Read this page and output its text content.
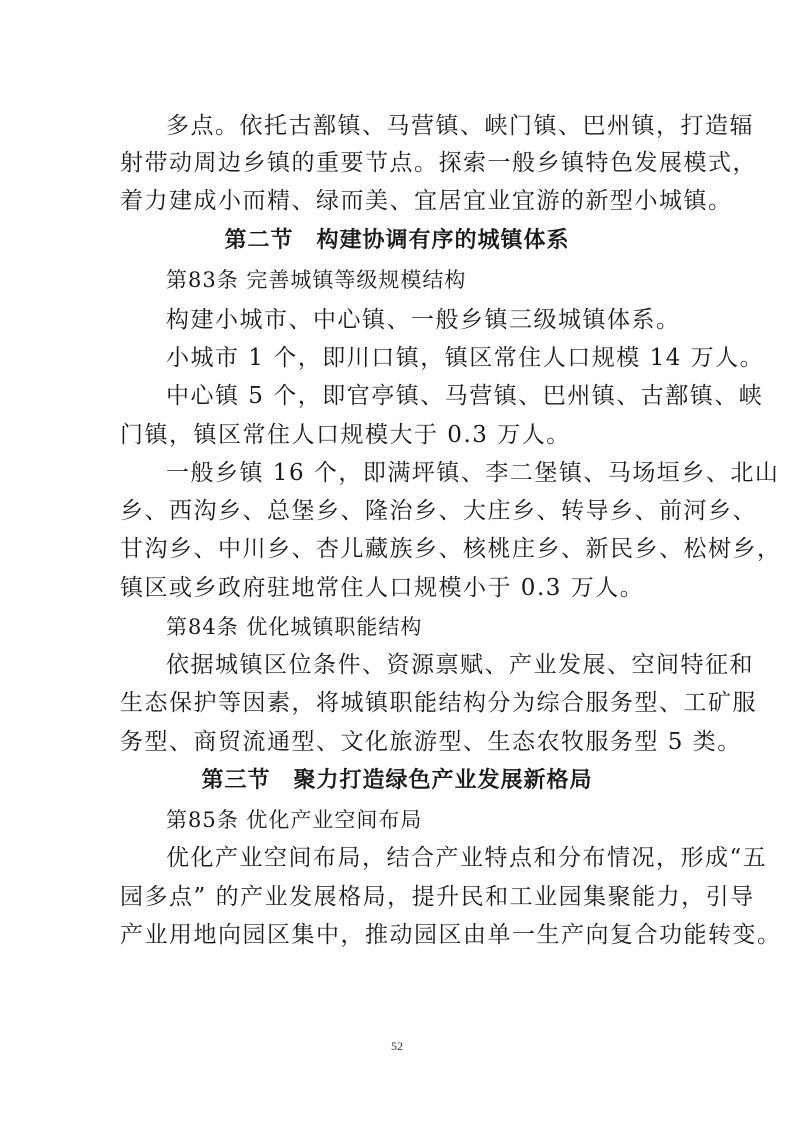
多点。依托古鄯镇、马营镇、峡门镇、巴州镇，打造辐
射带动周边乡镇的重要节点。探索一般乡镇特色发展模式，
着力建成小而精、绿而美、宜居宜业宜游的新型小城镇。
第二节　构建协调有序的城镇体系
第83条 完善城镇等级规模结构
构建小城市、中心镇、一般乡镇三级城镇体系。
小城市 1 个，即川口镇，镇区常住人口规模 14 万人。
中心镇 5 个，即官亭镇、马营镇、巴州镇、古鄯镇、峡
门镇，镇区常住人口规模大于 0.3 万人。
一般乡镇 16 个，即满坪镇、李二堡镇、马场垣乡、北山
乡、西沟乡、总堡乡、隆治乡、大庄乡、转导乡、前河乡、
甘沟乡、中川乡、杏儿藏族乡、核桃庄乡、新民乡、松树乡，
镇区或乡政府驻地常住人口规模小于 0.3 万人。
第84条 优化城镇职能结构
依据城镇区位条件、资源禀赋、产业发展、空间特征和
生态保护等因素，将城镇职能结构分为综合服务型、工矿服
务型、商贸流通型、文化旅游型、生态农牧服务型 5 类。
第三节　聚力打造绿色产业发展新格局
第85条 优化产业空间布局
优化产业空间布局，结合产业特点和分布情况，形成“五
园多点” 的产业发展格局，提升民和工业园集聚能力，引导
产业用地向园区集中，推动园区由单一生产向复合功能转变。
52
